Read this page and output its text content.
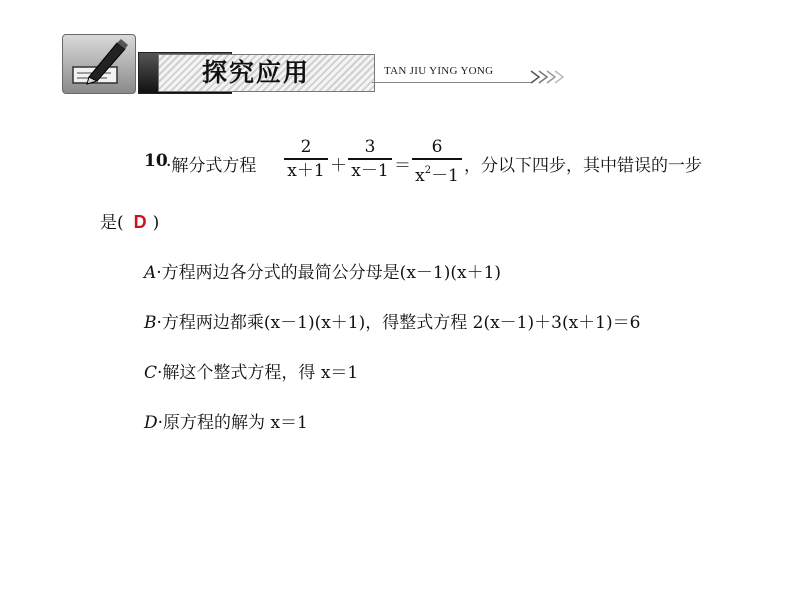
探究应用	TAN JIU YING YONG
10
·解分式方程
2
x＋1 ＋
3
x－1 ＝
6
$x^2-1$ ，分以下四步，其中错误的一步
是( D )
A·方程两边各分式的最简公分母是(x－1)(x＋1)
B·方程两边都乘(x－1)(x＋1)，得整式方程 2(x－1)＋3(x＋1)＝6
C·解这个整式方程，得 x＝1
D·原方程的解为 x＝1
